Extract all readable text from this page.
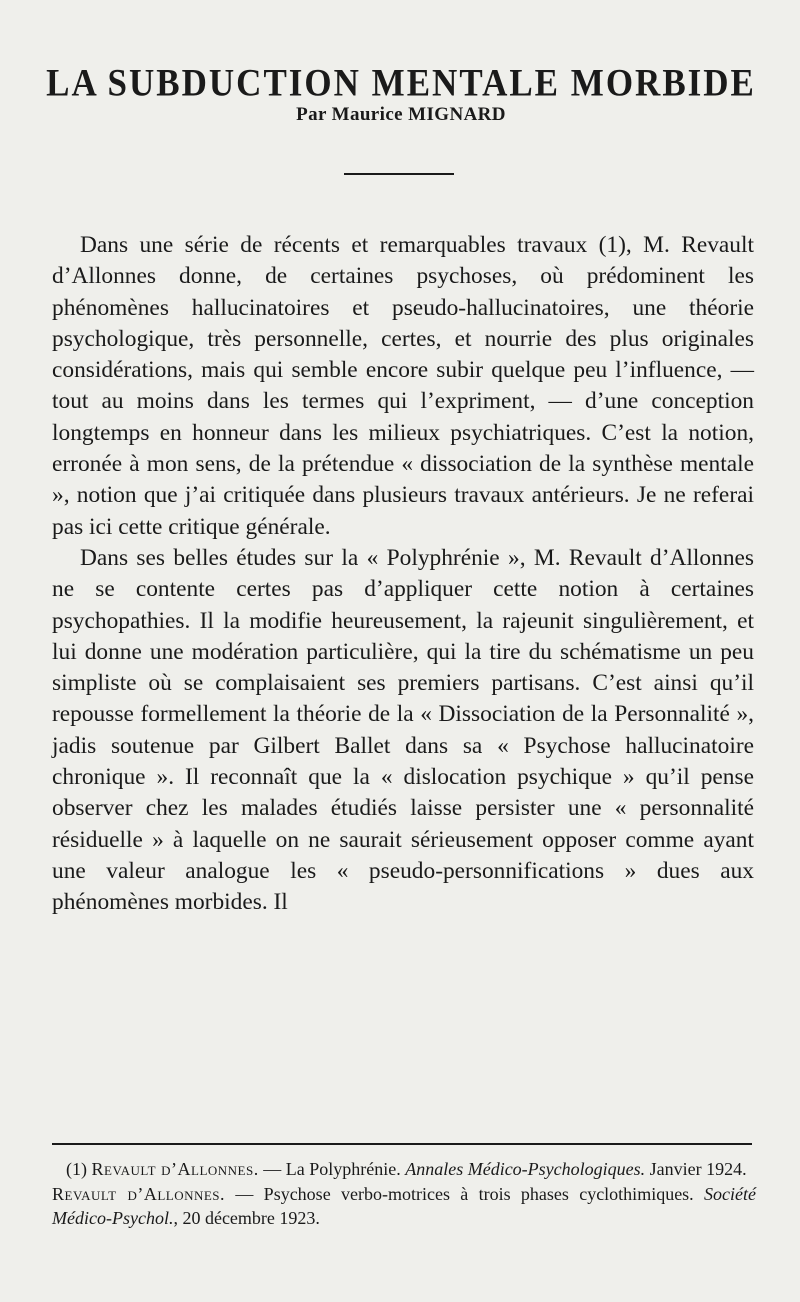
LA SUBDUCTION MENTALE MORBIDE
Par Maurice MIGNARD

Dans une série de récents et remarquables travaux (1), M. Revault d’Allonnes donne, de certaines psychoses, où prédominent les phénomènes hallucinatoires et pseudo-hallucinatoires, une théorie psychologique, très personnelle, certes, et nourrie des plus originales considérations, mais qui semble encore subir quelque peu l’influence, — tout au moins dans les termes qui l’expriment, — d’une conception longtemps en honneur dans les milieux psychiatriques. C’est la notion, erronée à mon sens, de la prétendue « dissociation de la synthèse mentale », notion que j’ai critiquée dans plusieurs travaux antérieurs. Je ne referai pas ici cette critique générale.

Dans ses belles études sur la « Polyphrénie », M. Revault d’Allonnes ne se contente certes pas d’appliquer cette notion à certaines psychopathies. Il la modifie heureusement, la rajeunit singulièrement, et lui donne une modération particulière, qui la tire du schématisme un peu simpliste où se complaisaient ses premiers partisans. C’est ainsi qu’il repousse formellement la théorie de la « Dissociation de la Personnalité », jadis soutenue par Gilbert Ballet dans sa « Psychose hallucinatoire chronique ». Il reconnaît que la « dislocation psychique » qu’il pense observer chez les malades étudiés laisse persister une « personnalité résiduelle » à laquelle on ne saurait sérieusement opposer comme ayant une valeur analogue les « pseudo-personnifications » dues aux phénomènes morbides. Il

(1) Revault d’Allonnes. — La Polyphrénie. Annales Médico-Psychologiques. Janvier 1924.

Revault d’Allonnes. — Psychose verbo-motrices à trois phases cyclothimiques. Société Médico-Psychol., 20 décembre 1923.
